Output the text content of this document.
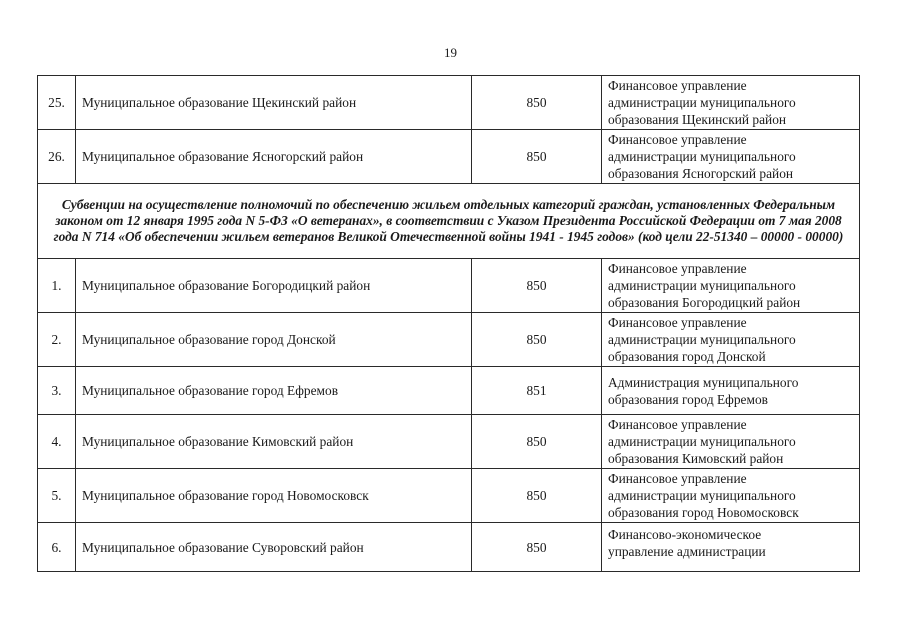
19
25.	Муниципальное образование Щекинский район	850	Финансовое управление
администрации муниципального
образования Щекинский район

26.	Муниципальное образование Ясногорский район	850	Финансовое управление
администрации муниципального
образования Ясногорский район

Субвенции на осуществление полномочий по обеспечению жильем отдельных категорий граждан, установленных Федеральным законом от 12 января 1995 года N 5-ФЗ «О ветеранах», в соответствии с Указом Президента Российской Федерации от 7 мая 2008 года N 714 «Об обеспечении жильем ветеранов Великой Отечественной войны 1941 - 1945 годов» (код цели 22-51340 – 00000 - 00000)			
1.	Муниципальное образование Богородицкий район	850	Финансовое управление
администрации муниципального
образования Богородицкий район

2.	Муниципальное образование город Донской	850	Финансовое управление
администрации муниципального
образования город Донской

3.	Муниципальное образование город Ефремов	851	Администрация муниципального
образования город Ефремов

4.	Муниципальное образование Кимовский район	850	Финансовое управление
администрации муниципального
образования Кимовский район

5.	Муниципальное образование город Новомосковск	850	Финансовое управление
администрации муниципального
образования город Новомосковск

6.	Муниципальное образование Суворовский район	850	Финансово-экономическое
управление администрации
